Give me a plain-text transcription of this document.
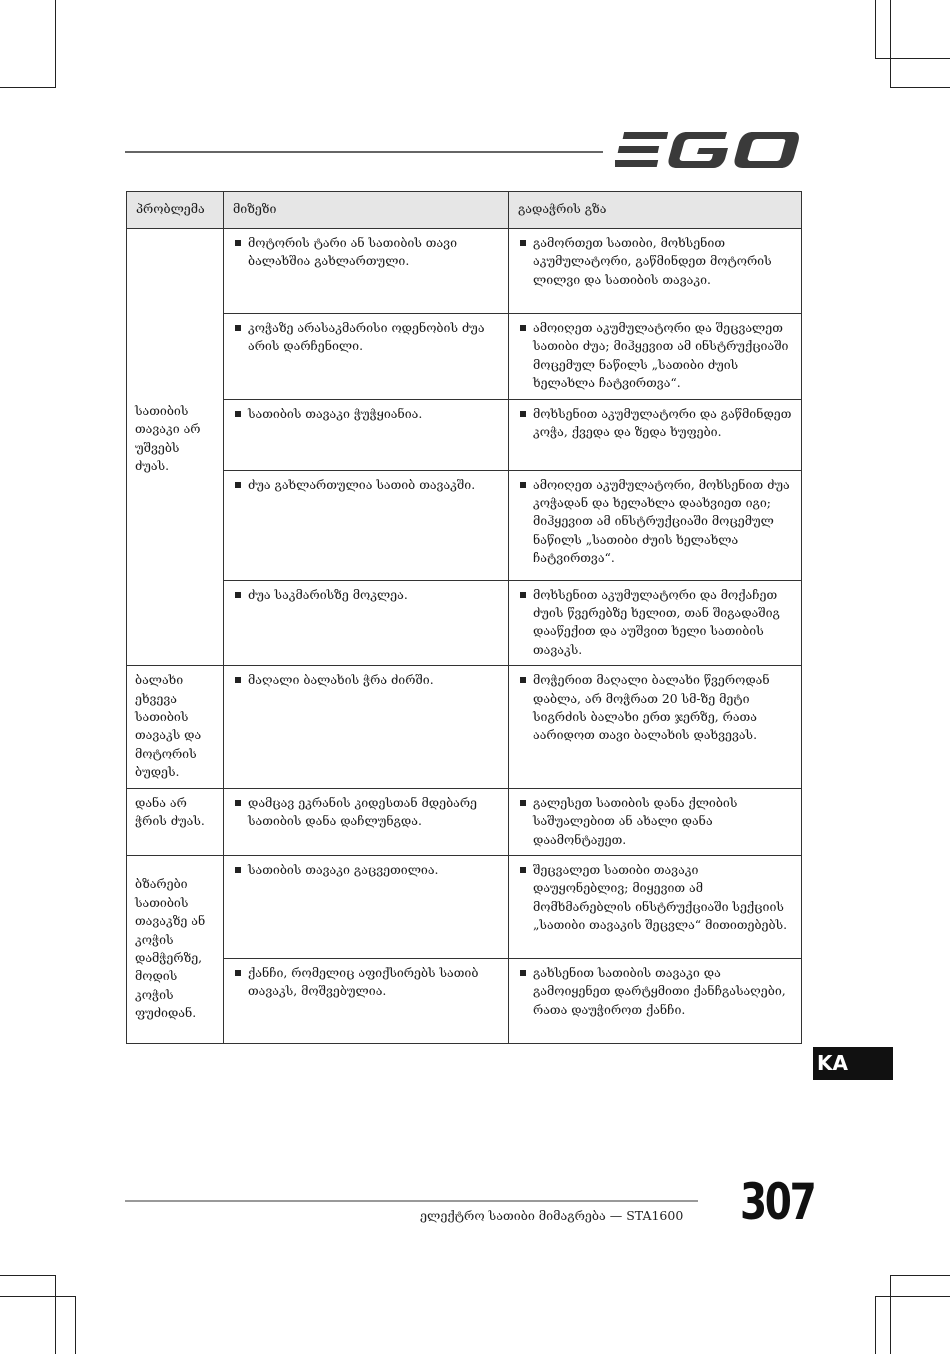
პრობლემა	მიზეზი	გადაჭრის გზა

სათიბის თავაკი არ უშვებს ძუას.	მოტორის ტარი ან სათიბის თავი ბალახშია გახლართული.	გამორთეთ სათიბი, მოხსენით აკუმულატორი, გაწმინდეთ მოტორის ლილვი და სათიბის თავაკი.

	კოჭაზე არასაკმარისი ოდენობის ძუა არის დარჩენილი.	ამოიღეთ აკუმულატორი და შეცვალეთ სათიბი ძუა; მიჰყევით ამ ინსტრუქციაში მოცემულ ნაწილს „სათიბი ძუის ხელახლა ჩატვირთვა“.

	სათიბის თავაკი ჭუჭყიანია.	მოხსენით აკუმულატორი და გაწმინდეთ კოჭა, ქვედა და ზედა ხუფები.

	ძუა გახლართულია სათიბ თავაკში.	ამოიღეთ აკუმულატორი, მოხსენით ძუა კოჭადან და ხელახლა დაახვიეთ იგი; მიჰყევით ამ ინსტრუქციაში მოცემულ ნაწილს „სათიბი ძუის ხელახლა ჩატვირთვა“.

	ძუა საკმარისზე მოკლეა.	მოხსენით აკუმულატორი და მოქაჩეთ ძუის წვერებზე ხელით, თან შიგადაშიგ დააწექით და აუშვით ხელი სათიბის თავაკს.

ბალახი ეხვევა სათიბის თავაკს და მოტორის ბუდეს.	მაღალი ბალახის ჭრა ძირში.	მოჭერით მაღალი ბალახი წვეროდან დაბლა, არ მოჭრათ 20 სმ-ზე მეტი სიგრძის ბალახი ერთ ჯერზე, რათა აარიდოთ თავი ბალახის დახვევას.

დანა არ ჭრის ძუას.	დამცავ ეკრანის კიდესთან მდებარე სათიბის დანა დაჩლუნგდა.	გალესეთ სათიბის დანა ქლიბის საშუალებით ან ახალი დანა დაამონტაჟეთ.

ბზარები სათიბის თავაკზე ან კოჭის დამჭერზე, მოდის კოჭის ფუძიდან.	სათიბის თავაკი გაცვეთილია.	შეცვალეთ სათიბი თავაკი დაუყონებლივ; მიყევით ამ მომხმარებლის ინსტრუქციაში სექციის „სათიბი თავაკის შეცვლა“ მითითებებს.

	ქანჩი, რომელიც აფიქსირებს სათიბ თავაკს, მოშვებულია.	გახსენით სათიბის თავაკი და გამოიყენეთ დარტყმითი ქანჩგასაღები, რათა დაუჭიროთ ქანჩი.
KA
ელექტრო სათიბი მიმაგრება — STA1600 307
